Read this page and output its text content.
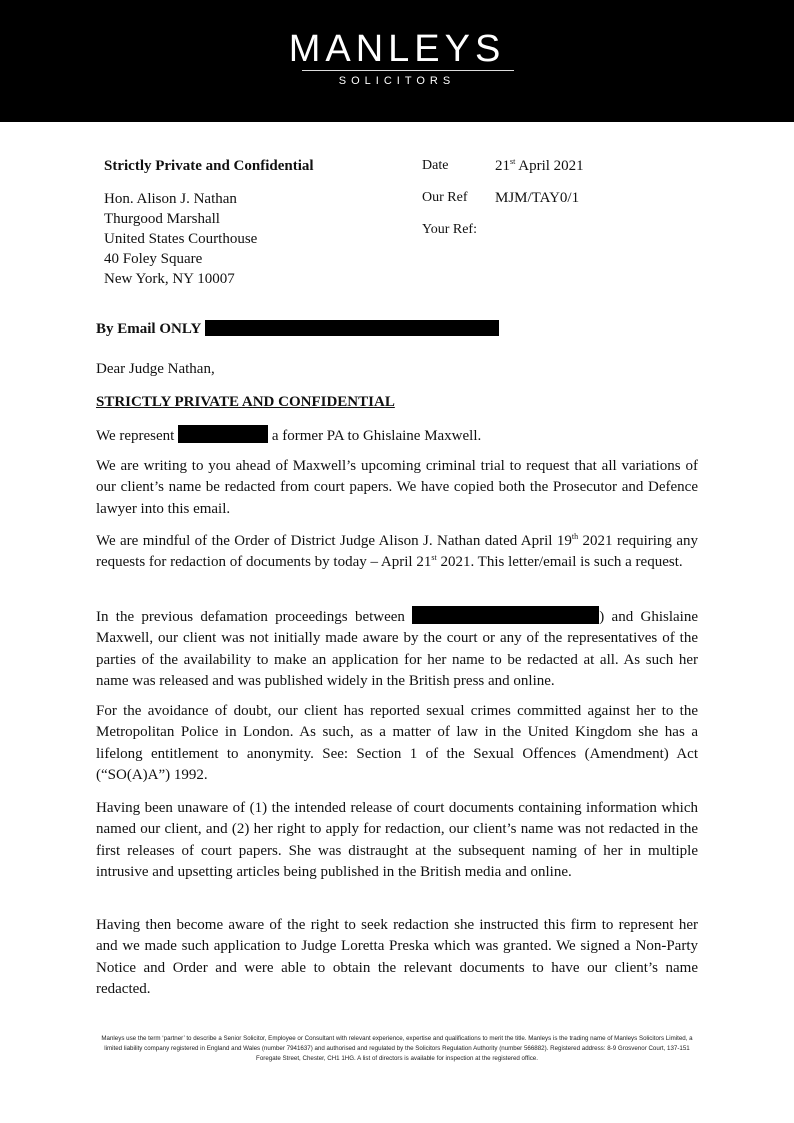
MANLEYS
SOLICITORS
Strictly Private and Confidential
Hon. Alison J. Nathan
Thurgood Marshall
United States Courthouse
40 Foley Square
New York, NY 10007
Date	21st April 2021
Our Ref MJM/TAY0/1
Your Ref:
By Email ONLY
Dear Judge Nathan,
STRICTLY PRIVATE AND CONFIDENTIAL
We represent	a former PA to Ghislaine Maxwell.
We are writing to you ahead of Maxwell’s upcoming criminal trial to request that all variations of our client’s name be redacted from court papers. We have copied both the Prosecutor and Defence lawyer into this email.
We are mindful of the Order of District Judge Alison J. Nathan dated April 19th 2021 requiring any requests for redaction of documents by today – April 21st 2021. This letter/email is such a request.
In the previous defamation proceedings between	) and Ghislaine Maxwell, our client was not initially made aware by the court or any of the representatives of the parties of the availability to make an application for her name to be redacted at all. As such her name was released and was published widely in the British press and online.
For the avoidance of doubt, our client has reported sexual crimes committed against her to the Metropolitan Police in London. As such, as a matter of law in the United Kingdom she has a lifelong entitlement to anonymity. See: Section 1 of the Sexual Offences (Amendment) Act (“SO(A)A”) 1992.
Having been unaware of (1) the intended release of court documents containing information which named our client, and (2) her right to apply for redaction, our client’s name was not redacted in the first releases of court papers. She was distraught at the subsequent naming of her in multiple intrusive and upsetting articles being published in the British media and online.
Having then become aware of the right to seek redaction she instructed this firm to represent her and we made such application to Judge Loretta Preska which was granted. We signed a Non-Party Notice and Order and were able to obtain the relevant documents to have our client’s name redacted.
Manleys use the term ‘partner’ to describe a Senior Solicitor, Employee or Consultant with relevant experience, expertise and qualifications to merit the title. Manleys is the trading name of Manleys Solicitors Limited, a limited liability company registered in England and Wales (number 7941637) and authorised and regulated by the Solicitors Regulation Authority (number 566882). Registered address: 8-9 Grosvenor Court, 137-151 Foregate Street, Chester, CH1 1HG. A list of directors is available for inspection at the registered office.
